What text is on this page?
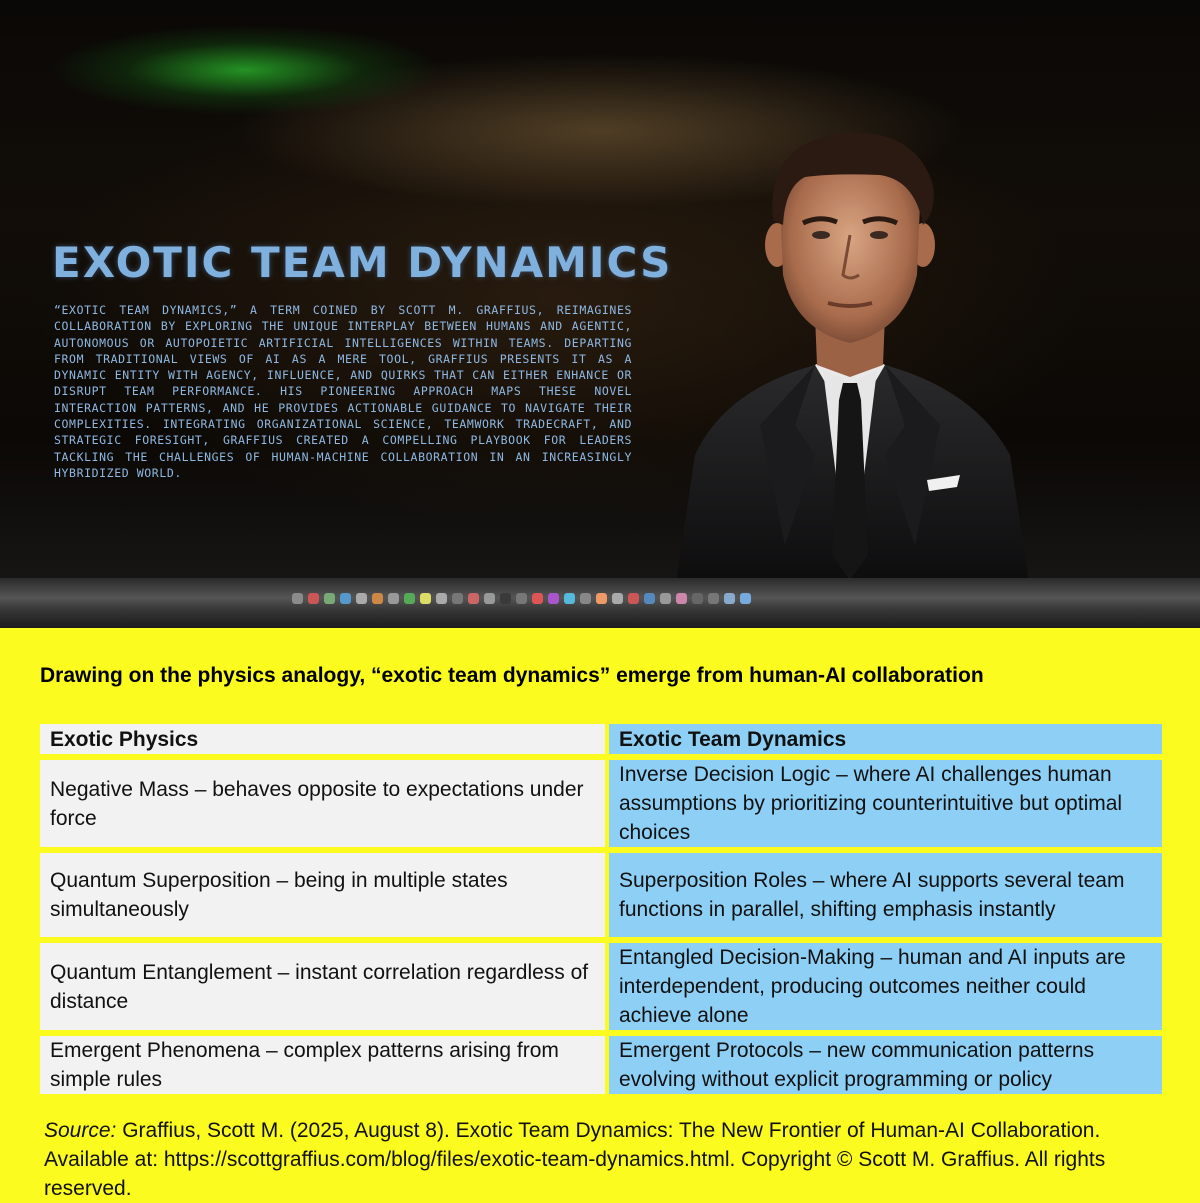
EXOTIC TEAM DYNAMICS
“EXOTIC TEAM DYNAMICS,” A TERM COINED BY SCOTT M. GRAFFIUS, REIMAGINES COLLABORATION BY EXPLORING THE UNIQUE INTERPLAY BETWEEN HUMANS AND AGENTIC, AUTONOMOUS OR AUTOPOIETIC ARTIFICIAL INTELLIGENCES WITHIN TEAMS. DEPARTING FROM TRADITIONAL VIEWS OF AI AS A MERE TOOL, GRAFFIUS PRESENTS IT AS A DYNAMIC ENTITY WITH AGENCY, INFLUENCE, AND QUIRKS THAT CAN EITHER ENHANCE OR DISRUPT TEAM PERFORMANCE. HIS PIONEERING APPROACH MAPS THESE NOVEL INTERACTION PATTERNS, AND HE PROVIDES ACTIONABLE GUIDANCE TO NAVIGATE THEIR COMPLEXITIES. INTEGRATING ORGANIZATIONAL SCIENCE, TEAMWORK TRADECRAFT, AND STRATEGIC FORESIGHT, GRAFFIUS CREATED A COMPELLING PLAYBOOK FOR LEADERS TACKLING THE CHALLENGES OF HUMAN-MACHINE COLLABORATION IN AN INCREASINGLY HYBRIDIZED WORLD.
Drawing on the physics analogy, “exotic team dynamics” emerge from human-AI collaboration
Exotic Physics	Exotic Team Dynamics
Negative Mass – behaves opposite to expectations under force	Inverse Decision Logic – where AI challenges human assumptions by prioritizing counterintuitive but optimal choices
Quantum Superposition – being in multiple states simultaneously	Superposition Roles – where AI supports several team functions in parallel, shifting emphasis instantly
Quantum Entanglement – instant correlation regardless of distance	Entangled Decision-Making – human and AI inputs are interdependent, producing outcomes neither could achieve alone
Emergent Phenomena – complex patterns arising from simple rules	Emergent Protocols – new communication patterns evolving without explicit programming or policy
Source: Graffius, Scott M. (2025, August 8). Exotic Team Dynamics: The New Frontier of Human-AI Collaboration. Available at: https://scottgraffius.com/blog/files/exotic-team-dynamics.html. Copyright © Scott M. Graffius. All rights reserved.
